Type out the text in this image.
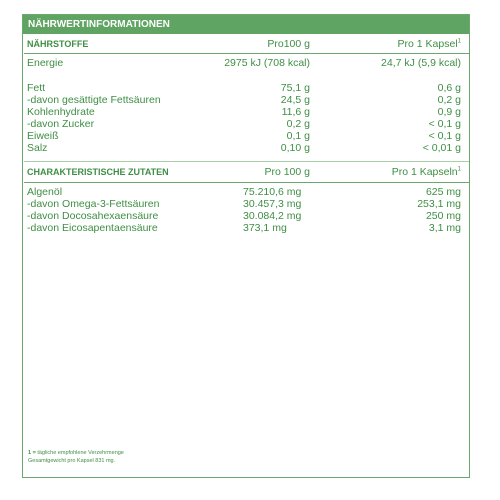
NÄHRWERTINFORMATIONEN
NÄHRSTOFFE	Pro100 g	Pro 1 Kapsel$^1$
Energie	2975 kJ (708 kcal)	24,7 kJ (5,9 kcal)
Fett	75,1 g	0,6 g
-davon gesättigte Fettsäuren	24,5 g	0,2 g
Kohlenhydrate	11,6 g	0,9 g
-davon Zucker	0,2 g	< 0,1 g
Eiweiß	0,1 g	< 0,1 g
Salz	0,10 g	< 0,01 g
CHARAKTERISTISCHE ZUTATEN	Pro 100 g	Pro 1 Kapseln$^1$
Algenöl	75.210,6 mg	625 mg
-davon Omega-3-Fettsäuren	30.457,3 mg	253,1 mg
-davon Docosahexaensäure	30.084,2 mg	250 mg
-davon Eicosapentaensäure	373,1 mg	3,1 mg
1 = tägliche empfohlene Verzehrmenge
Gesamtgewicht pro Kapsel 831 mg.
